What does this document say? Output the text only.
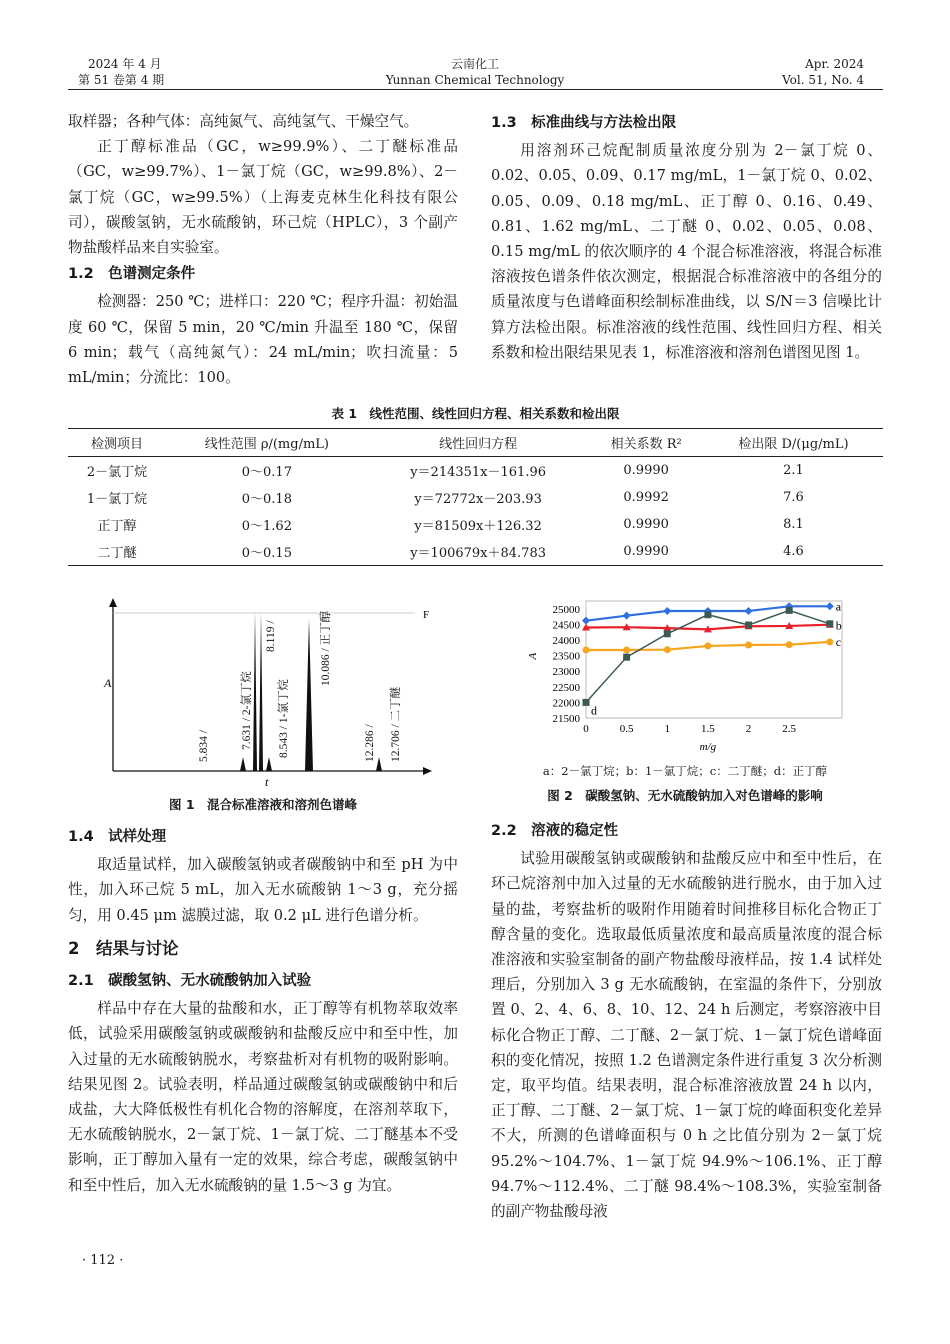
2024 年 4 月
第 51 卷第 4 期
云南化工
Yunnan Chemical Technology
Apr. 2024
Vol. 51, No. 4

取样器；各种气体：高纯氮气、高纯氢气、干燥空气。

正丁醇标准品（GC，w≥99.9%）、二丁醚标准品（GC，w≥99.7%）、1－氯丁烷（GC，w≥99.8%）、2－氯丁烷（GC，w≥99.5%）（上海麦克林生化科技有限公司），碳酸氢钠，无水硫酸钠，环己烷（HPLC），3 个副产物盐酸样品来自实验室。

1.2　色谱测定条件

检测器：250 ℃；进样口：220 ℃；程序升温：初始温度 60 ℃，保留 5 min，20 ℃/min 升温至 180 ℃，保留 6 min；载气（高纯氮气）：24 mL/min；吹扫流量：5 mL/min；分流比：100。

1.3　标准曲线与方法检出限

用溶剂环己烷配制质量浓度分别为 2－氯丁烷 0、0.02、0.05、0.09、0.17 mg/mL，1－氯丁烷 0、0.02、0.05、0.09、0.18 mg/mL、正丁醇 0、0.16、0.49、0.81、1.62 mg/mL、二丁醚 0、0.02、0.05、0.08、0.15 mg/mL 的依次顺序的 4 个混合标准溶液，将混合标准溶液按色谱条件依次测定，根据混合标准溶液中的各组分的质量浓度与色谱峰面积绘制标准曲线，以 S/N＝3 信噪比计算方法检出限。标准溶液的线性范围、线性回归方程、相关系数和检出限结果见表 1，标准溶液和溶剂色谱图见图 1。

表 1　线性范围、线性回归方程、相关系数和检出限
检测项目	线性范围 ρ/(mg/mL)	线性回归方程	相关系数 R²	检出限 D/(μg/mL)
2－氯丁烷	0～0.17	y＝214351x－161.96	0.9990	2.1
1－氯丁烷	0～0.18	y＝72772x－203.93	0.9992	7.6
正丁醇	0～1.62	y＝81509x＋126.32	0.9990	8.1
二丁醚	0～0.15	y＝100679x＋84.783	0.9990	4.6
F
A
t
5.834 /	7.631 / 2-氯丁烷
8.119 /
8.543 / 1-氯丁烷
10.086 / 正丁醇
12.286 / 12.706 / 二丁醚
图 1　混合标准溶液和溶剂色谱峰
21500
22000
22500
23000
23500
24000
24500
25000
0	0.5	1	1.5	2	2.5
m/g
A
a
b
c
d
a：2－氯丁烷；b：1－氯丁烷；c：二丁醚；d：正丁醇
图 2　碳酸氢钠、无水硫酸钠加入对色谱峰的影响
1.4　试样处理

取适量试样，加入碳酸氢钠或者碳酸钠中和至 pH 为中性，加入环己烷 5 mL，加入无水硫酸钠 1～3 g，充分摇匀，用 0.45 μm 滤膜过滤，取 0.2 μL 进行色谱分析。

2　结果与讨论
2.1　碳酸氢钠、无水硫酸钠加入试验

样品中存在大量的盐酸和水，正丁醇等有机物萃取效率低，试验采用碳酸氢钠或碳酸钠和盐酸反应中和至中性，加入过量的无水硫酸钠脱水，考察盐析对有机物的吸附影响。结果见图 2。试验表明，样品通过碳酸氢钠或碳酸钠中和后成盐，大大降低极性有机化合物的溶解度，在溶剂萃取下，无水硫酸钠脱水，2－氯丁烷、1－氯丁烷、二丁醚基本不受影响，正丁醇加入量有一定的效果，综合考虑，碳酸氢钠中和至中性后，加入无水硫酸钠的量 1.5～3 g 为宜。

· 112 ·
2.2　溶液的稳定性

试验用碳酸氢钠或碳酸钠和盐酸反应中和至中性后，在环己烷溶剂中加入过量的无水硫酸钠进行脱水，由于加入过量的盐，考察盐析的吸附作用随着时间推移目标化合物正丁醇含量的变化。选取最低质量浓度和最高质量浓度的混合标准溶液和实验室制备的副产物盐酸母液样品，按 1.4 试样处理后，分别加入 3 g 无水硫酸钠，在室温的条件下，分别放置 0、2、4、6、8、10、12、24 h 后测定，考察溶液中目标化合物正丁醇、二丁醚、2－氯丁烷、1－氯丁烷色谱峰面积的变化情况，按照 1.2 色谱测定条件进行重复 3 次分析测定，取平均值。结果表明，混合标准溶液放置 24 h 以内，正丁醇、二丁醚、2－氯丁烷、1－氯丁烷的峰面积变化差异不大，所测的色谱峰面积与 0 h 之比值分别为 2－氯丁烷 95.2%～104.7%、1－氯丁烷 94.9%～106.1%、正丁醇 94.7%～112.4%、二丁醚 98.4%～108.3%，实验室制备的副产物盐酸母液
